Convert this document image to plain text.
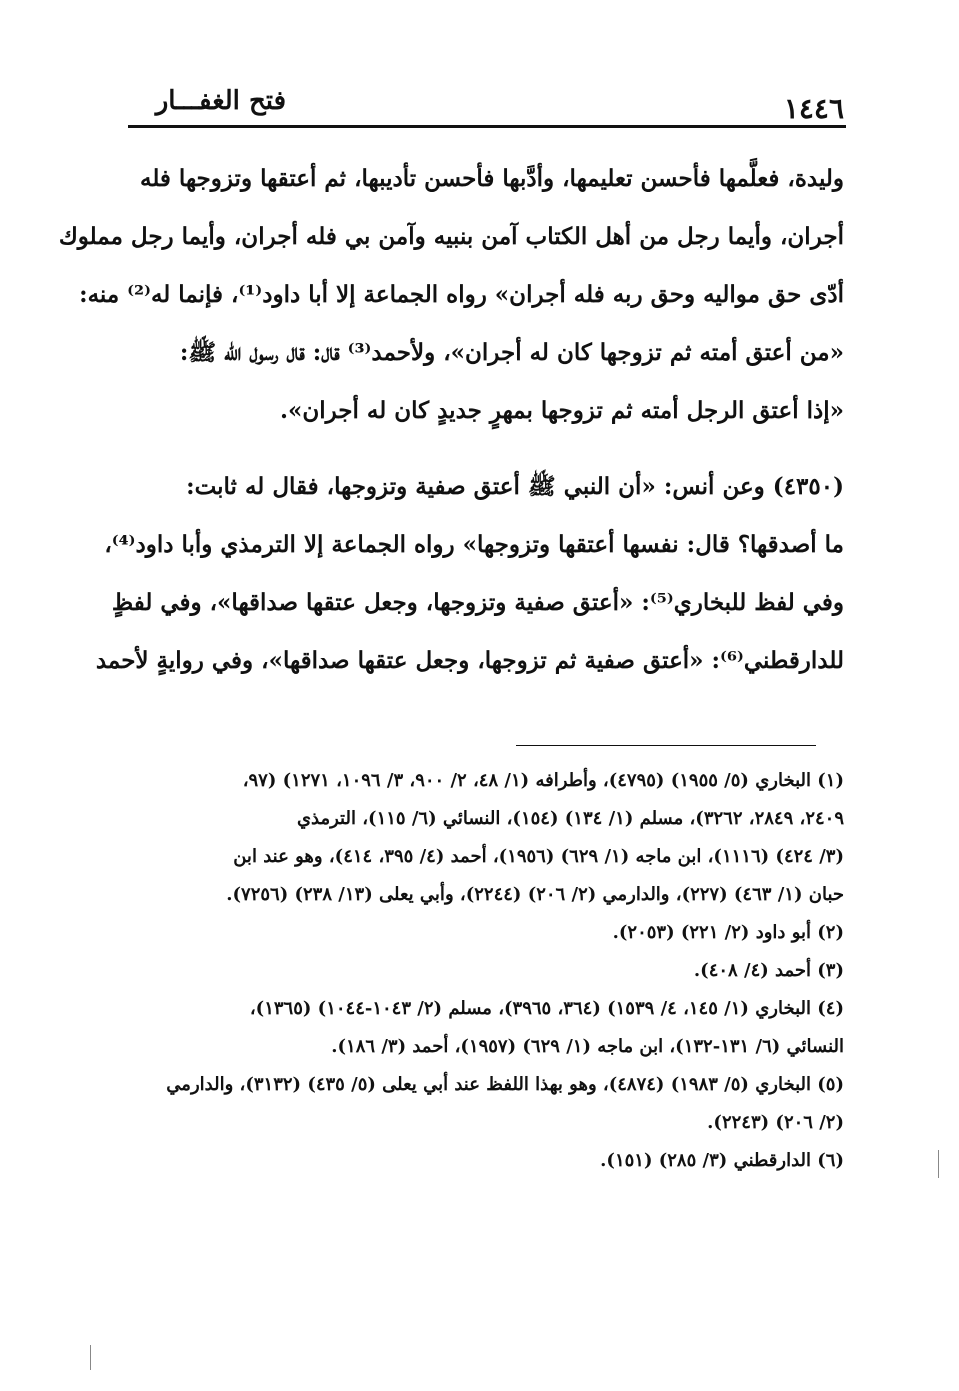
١٤٤٦
فتح الغفـــار
وليدة، فعلَّمها فأحسن تعليمها، وأدَّبها فأحسن تأديبها، ثم أعتقها وتزوجها فله
أجران، وأيما رجل من أهل الكتاب آمن بنبيه وآمن بي فله أجران، وأيما رجل مملوك
أدّى حق مواليه وحق ربه فله أجران» رواه الجماعة إلا أبا داود⁽¹⁾، فإنما له⁽²⁾ منه:
«من أعتق أمته ثم تزوجها كان له أجران»، ولأحمد⁽³⁾ قال: قال رسول الله ﷺ:
«إذا أعتق الرجل أمته ثم تزوجها بمهرٍ جديدٍ كان له أجران».
(٤٣٥٠) وعن أنس: «أن النبي ﷺ أعتق صفية وتزوجها، فقال له ثابت:
ما أصدقها؟ قال: نفسها أعتقها وتزوجها» رواه الجماعة إلا الترمذي وأبا داود⁽⁴⁾،
وفي لفظ للبخاري⁽⁵⁾: «أعتق صفية وتزوجها، وجعل عتقها صداقها»، وفي لفظٍ
للدارقطني⁽⁶⁾: «أعتق صفية ثم تزوجها، وجعل عتقها صداقها»، وفي روايةٍ لأحمد
(١) البخاري (٥/ ١٩٥٥) (٤٧٩٥)، وأطرافه (١/ ٤٨، ٢/ ٩٠٠، ٣/ ١٠٩٦، ١٢٧١) (٩٧،
٢٤٠٩، ٢٨٤٩، ٣٢٦٢)، مسلم (١/ ١٣٤) (١٥٤)، النسائي (٦/ ١١٥)، الترمذي
(٣/ ٤٢٤) (١١١٦)، ابن ماجه (١/ ٦٢٩) (١٩٥٦)، أحمد (٤/ ٣٩٥، ٤١٤)، وهو عند ابن
حبان (١/ ٤٦٣) (٢٢٧)، والدارمي (٢/ ٢٠٦) (٢٢٤٤)، وأبي يعلى (١٣/ ٢٣٨) (٧٢٥٦).
(٢) أبو داود (٢/ ٢٢١) (٢٠٥٣).
(٣) أحمد (٤/ ٤٠٨).
(٤) البخاري (١/ ١٤٥، ٤/ ١٥٣٩) (٣٦٤، ٣٩٦٥)، مسلم (٢/ ١٠٤٣-١٠٤٤) (١٣٦٥)،
النسائي (٦/ ١٣١-١٣٢)، ابن ماجه (١/ ٦٢٩) (١٩٥٧)، أحمد (٣/ ١٨٦).
(٥) البخاري (٥/ ١٩٨٣) (٤٨٧٤)، وهو بهذا اللفظ عند أبي يعلى (٥/ ٤٣٥) (٣١٣٢)، والدارمي
(٢/ ٢٠٦) (٢٢٤٣).
(٦) الدارقطني (٣/ ٢٨٥) (١٥١).
